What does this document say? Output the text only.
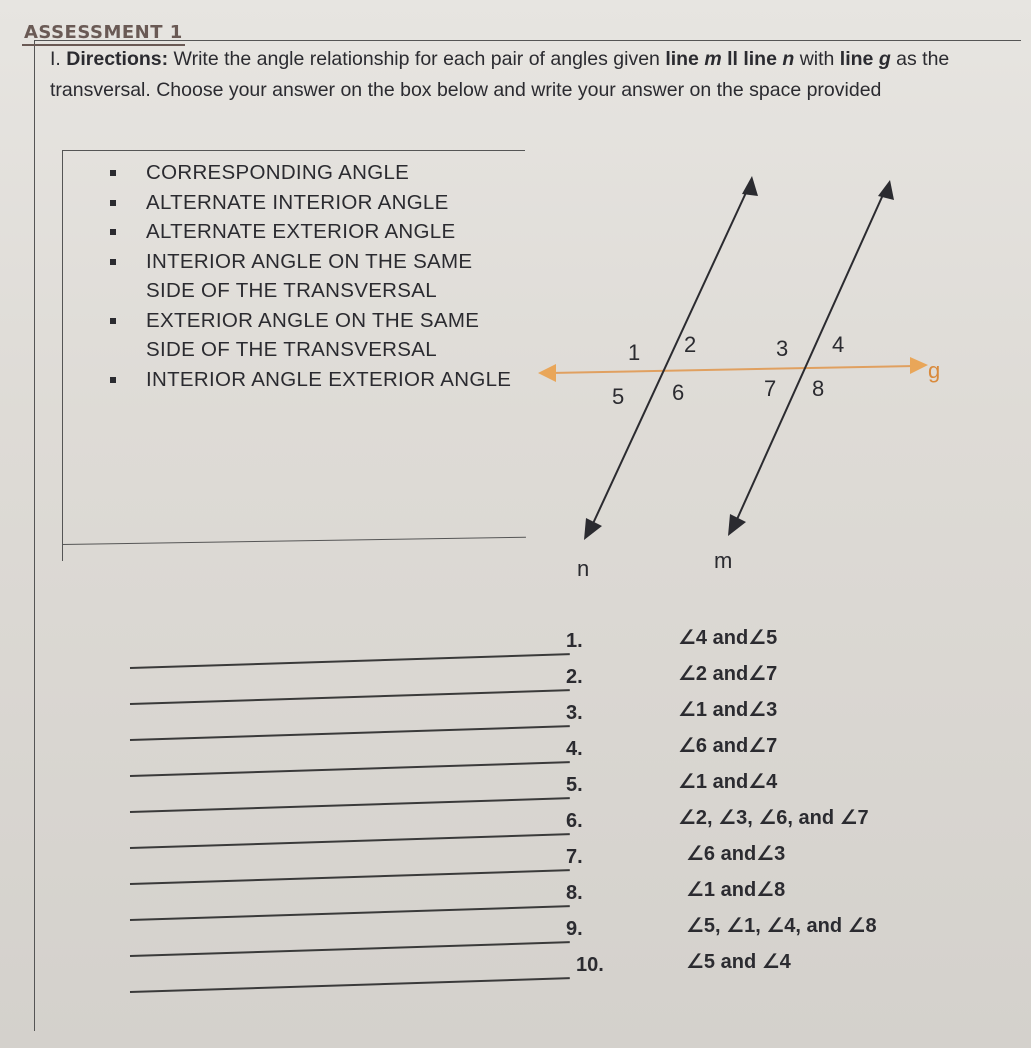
ASSESSMENT 1
I. Directions: Write the angle relationship for each pair of angles given line m ll line n with line g as the transversal. Choose your answer on the box below and write your answer on the space provided
CORRESPONDING ANGLE
ALTERNATE INTERIOR ANGLE
ALTERNATE EXTERIOR ANGLE
INTERIOR ANGLE ON THE SAME SIDE OF THE TRANSVERSAL
EXTERIOR ANGLE ON THE SAME SIDE OF THE TRANSVERSAL
INTERIOR ANGLE EXTERIOR ANGLE
1 2	3 4
5 6	7 8
n	m
g
1.	∠4 and∠5
2.	∠2 and∠7
3.	∠1 and∠3
4.	∠6 and∠7
5.	∠1 and∠4
6.	∠2, ∠3, ∠6, and ∠7
7.	∠6 and∠3
8.	∠1 and∠8
9.	∠5, ∠1, ∠4, and ∠8
10.	∠5 and ∠4
